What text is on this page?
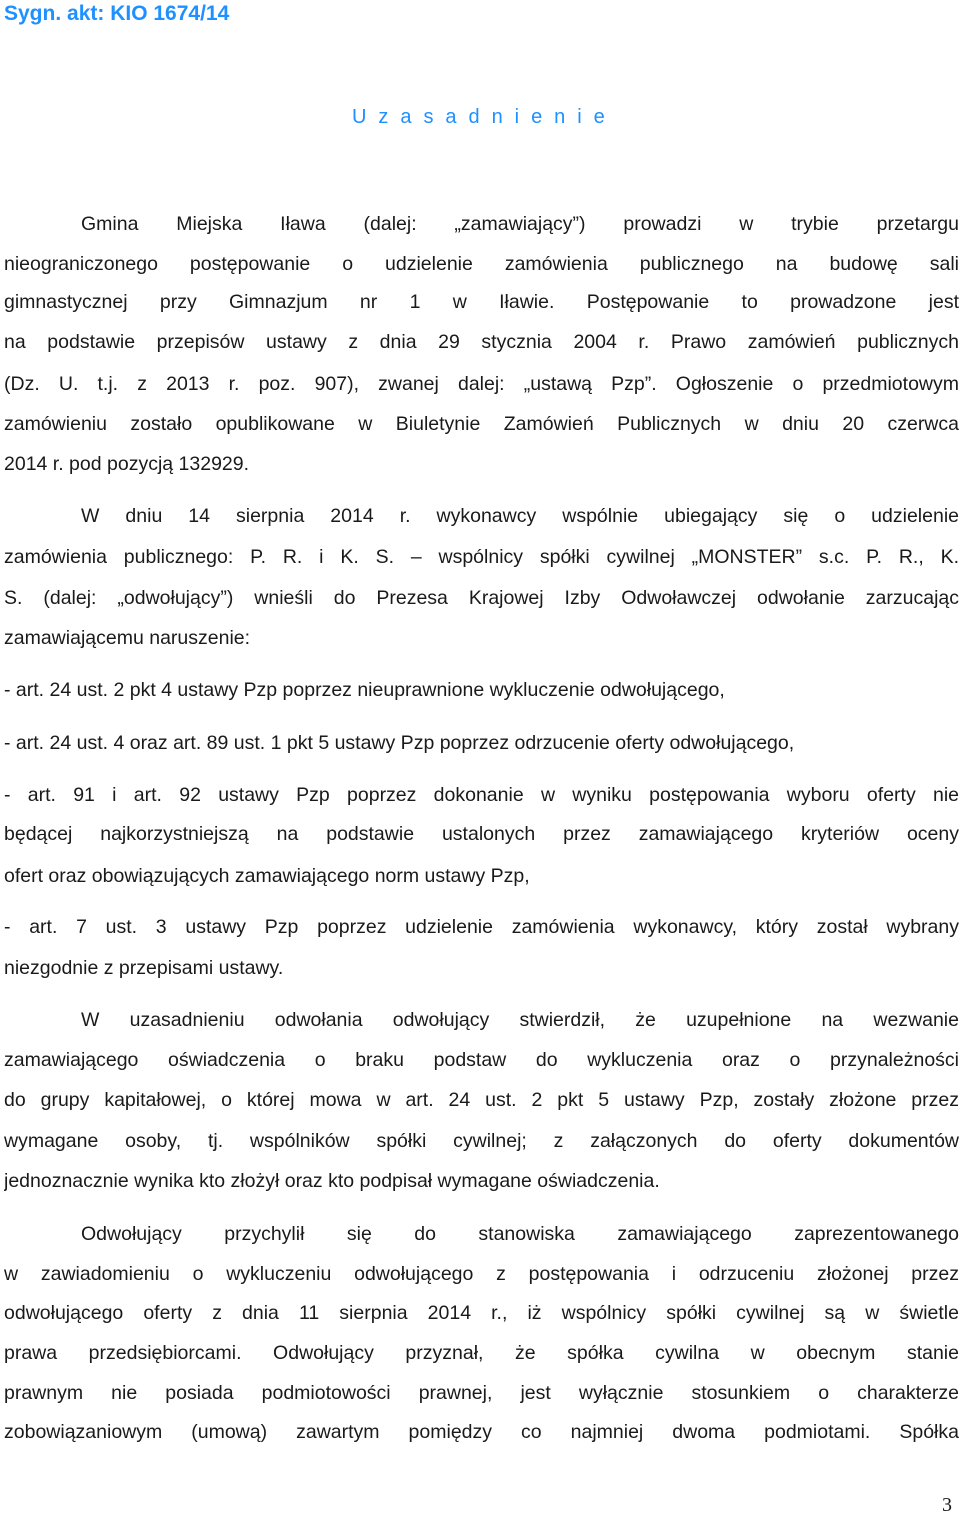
Sygn. akt: KIO 1674/14
U z a s a d n i e n i e
Gmina Miejska Iława (dalej: „zamawiający”) prowadzi w trybie przetargu
nieograniczonego postępowanie o udzielenie zamówienia publicznego na budowę sali
gimnastycznej przy Gimnazjum nr 1 w Iławie. Postępowanie to prowadzone jest
na podstawie przepisów ustawy z dnia 29 stycznia 2004 r. Prawo zamówień publicznych
(Dz. U. t.j. z 2013 r. poz. 907), zwanej dalej: „ustawą Pzp”. Ogłoszenie o przedmiotowym
zamówieniu zostało opublikowane w Biuletynie Zamówień Publicznych w dniu 20 czerwca
2014 r. pod pozycją 132929.
W dniu 14 sierpnia 2014 r. wykonawcy wspólnie ubiegający się o udzielenie
zamówienia publicznego: P. R. i K. S. – wspólnicy spółki cywilnej „MONSTER” s.c. P. R., K.
S. (dalej: „odwołujący”) wnieśli do Prezesa Krajowej Izby Odwoławczej odwołanie zarzucając
zamawiającemu naruszenie:
- art. 24 ust. 2 pkt 4 ustawy Pzp poprzez nieuprawnione wykluczenie odwołującego,
- art. 24 ust. 4 oraz art. 89 ust. 1 pkt 5 ustawy Pzp poprzez odrzucenie oferty odwołującego,
- art. 91 i art. 92 ustawy Pzp poprzez dokonanie w wyniku postępowania wyboru oferty nie
będącej najkorzystniejszą na podstawie ustalonych przez zamawiającego kryteriów oceny
ofert oraz obowiązujących zamawiającego norm ustawy Pzp,
- art. 7 ust. 3 ustawy Pzp poprzez udzielenie zamówienia wykonawcy, który został wybrany
niezgodnie z przepisami ustawy.
W uzasadnieniu odwołania odwołujący stwierdził, że uzupełnione na wezwanie
zamawiającego oświadczenia o braku podstaw do wykluczenia oraz o przynależności
do grupy kapitałowej, o której mowa w art. 24 ust. 2 pkt 5 ustawy Pzp, zostały złożone przez
wymagane osoby, tj. wspólników spółki cywilnej; z załączonych do oferty dokumentów
jednoznacznie wynika kto złożył oraz kto podpisał wymagane oświadczenia.
Odwołujący przychylił się do stanowiska zamawiającego zaprezentowanego
w zawiadomieniu o wykluczeniu odwołującego z postępowania i odrzuceniu złożonej przez
odwołującego oferty z dnia 11 sierpnia 2014 r., iż wspólnicy spółki cywilnej są w świetle
prawa przedsiębiorcami. Odwołujący przyznał, że spółka cywilna w obecnym stanie
prawnym nie posiada podmiotowości prawnej, jest wyłącznie stosunkiem o charakterze
zobowiązaniowym (umową) zawartym pomiędzy co najmniej dwoma podmiotami. Spółka
3
